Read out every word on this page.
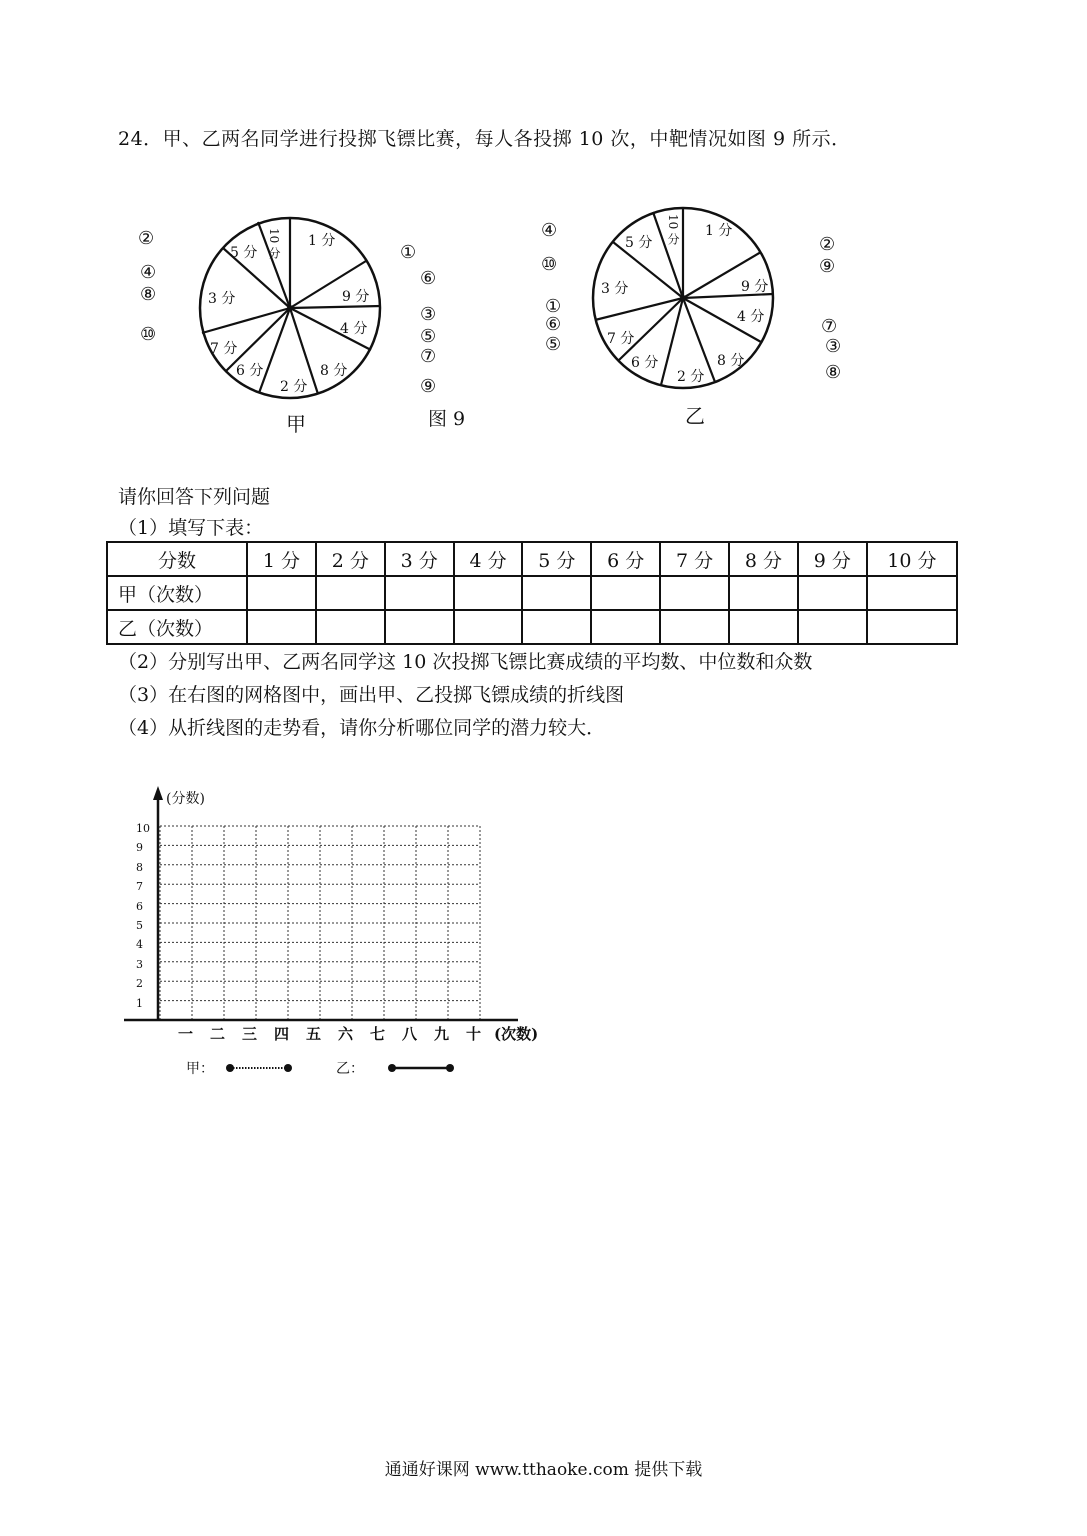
24．甲、乙两名同学进行投掷飞镖比赛，每人各投掷 10 次，中靶情况如图 9 所示．
1 分
9 分
4 分
8 分
2 分
6 分
7 分
3 分
5 分 10 分	①
②
③
④
⑤
⑥
⑦
⑧
⑨
⑩
甲	图 9
1 分
9 分
4 分
8 分
2 分
6 分
7 分
3 分
5 分 10 分
①
②
③
④
⑤
⑥	⑦
⑧
⑨
⑩
乙
请你回答下列问题
（1）填写下表：
分数	1 分	2 分	3 分	4 分	5 分	6 分	7 分	8 分	9 分	10 分
甲（次数）										
乙（次数）										
（2）分别写出甲、乙两名同学这 10 次投掷飞镖比赛成绩的平均数、中位数和众数
（3）在右图的网格图中，画出甲、乙投掷飞镖成绩的折线图
（4）从折线图的走势看，请你分析哪位同学的潜力较大．
(分数)
1
2
3
4
5
6
7
8
9
10
一 二 三 四 五 六 七 八 九 十 (次数)
甲：	乙：
通通好课网 www.tthaoke.com 提供下载
